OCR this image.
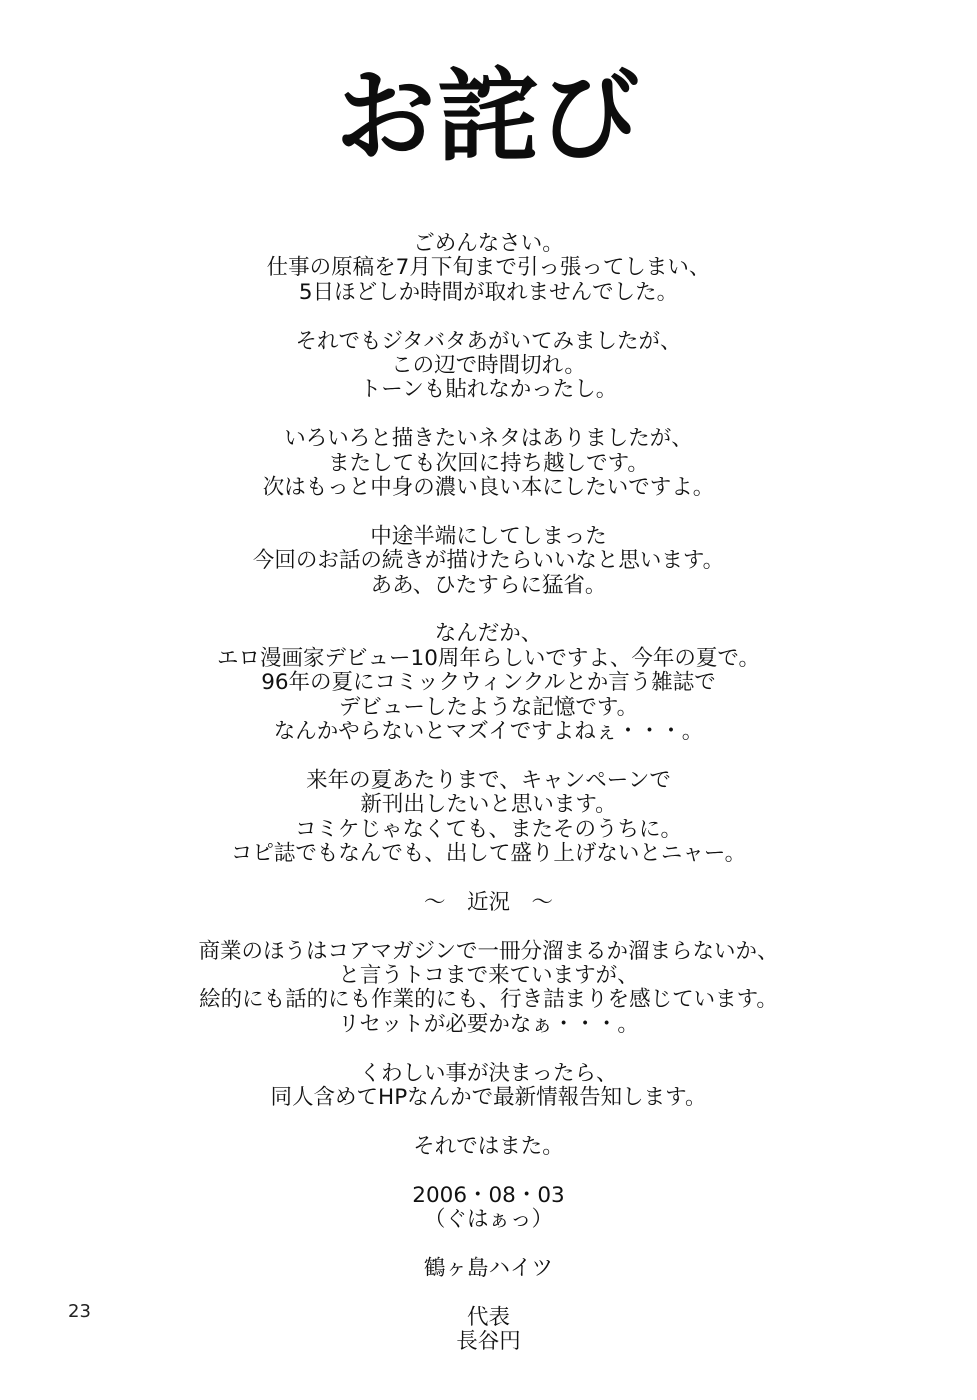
お詫び
ごめんなさい。
仕事の原稿を7月下旬まで引っ張ってしまい、
5日ほどしか時間が取れませんでした。
それでもジタバタあがいてみましたが、
この辺で時間切れ。
トーンも貼れなかったし。
いろいろと描きたいネタはありましたが、
またしても次回に持ち越しです。
次はもっと中身の濃い良い本にしたいですよ。
中途半端にしてしまった
今回のお話の続きが描けたらいいなと思います。
ああ、ひたすらに猛省。
なんだか、
エロ漫画家デビュー10周年らしいですよ、今年の夏で。
96年の夏にコミックウィンクルとか言う雑誌で
デビューしたような記憶です。
なんかやらないとマズイですよねぇ・・・。
来年の夏あたりまで、キャンペーンで
新刊出したいと思います。
コミケじゃなくても、またそのうちに。
コピ誌でもなんでも、出して盛り上げないとニャー。
～　近況　～
商業のほうはコアマガジンで一冊分溜まるか溜まらないか、
と言うトコまで来ていますが、
絵的にも話的にも作業的にも、行き詰まりを感じています。
リセットが必要かなぁ・・・。
くわしい事が決まったら、
同人含めてHPなんかで最新情報告知します。
それではまた。
2006・08・03
（ぐはぁっ）
鶴ヶ島ハイツ
代表
長谷円
23
